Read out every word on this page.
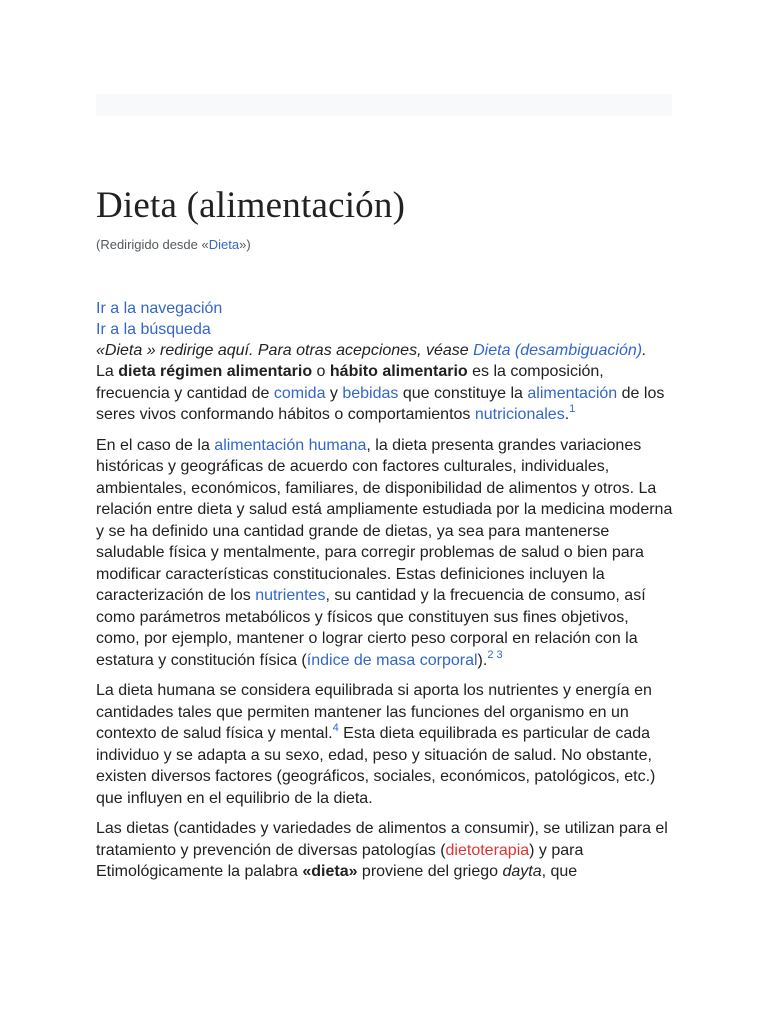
Dieta (alimentación)
(Redirigido desde «Dieta»)
Ir a la navegación
Ir a la búsqueda
«Dieta » redirige aquí. Para otras acepciones, véase Dieta (desambiguación).

La dieta régimen alimentario o hábito alimentario es la composición, frecuencia y cantidad de comida y bebidas que constituye la alimentación de los seres vivos conformando hábitos o comportamientos nutricionales.$^1$

En el caso de la alimentación humana, la dieta presenta grandes variaciones históricas y geográficas de acuerdo con factores culturales, individuales, ambientales, económicos, familiares, de disponibilidad de alimentos y otros. La relación entre dieta y salud está ampliamente estudiada por la medicina moderna y se ha definido una cantidad grande de dietas, ya sea para mantenerse saludable física y mentalmente, para corregir problemas de salud o bien para modificar características constitucionales. Estas definiciones incluyen la caracterización de los nutrientes, su cantidad y la frecuencia de consumo, así como parámetros metabólicos y físicos que constituyen sus fines objetivos, como, por ejemplo, mantener o lograr cierto peso corporal en relación con la estatura y constitución física (índice de masa corporal).$^{2 3}$

La dieta humana se considera equilibrada si aporta los nutrientes y energía en cantidades tales que permiten mantener las funciones del organismo en un contexto de salud física y mental.$^4$ Esta dieta equilibrada es particular de cada individuo y se adapta a su sexo, edad, peso y situación de salud. No obstante, existen diversos factores (geográficos, sociales, económicos, patológicos, etc.) que influyen en el equilibrio de la dieta.

Las dietas (cantidades y variedades de alimentos a consumir), se utilizan para el tratamiento y prevención de diversas patologías (dietoterapia) y para Etimológicamente la palabra «dieta» proviene del griego dayta, que
